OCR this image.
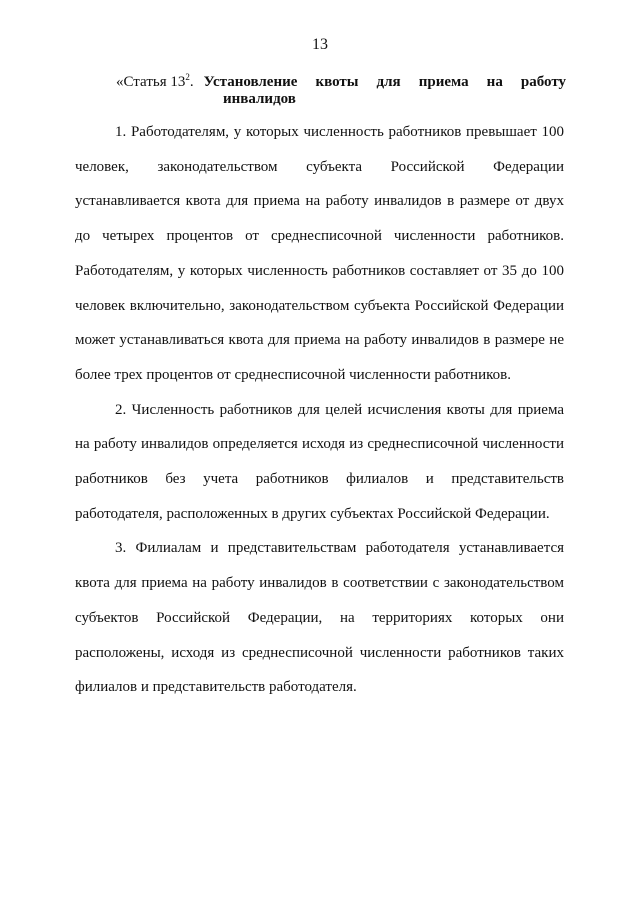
13
«Статья $13^2$. Установление квоты для приема на работу
инвалидов

1. Работодателям, у которых численность работников превышает 100 человек, законодательством субъекта Российской Федерации устанавливается квота для приема на работу инвалидов в размере от двух до четырех процентов от среднесписочной численности работников. Работодателям, у которых численность работников составляет от 35 до 100 человек включительно, законодательством субъекта Российской Федерации может устанавливаться квота для приема на работу инвалидов в размере не более трех процентов от среднесписочной численности работников.

2. Численность работников для целей исчисления квоты для приема на работу инвалидов определяется исходя из среднесписочной численности работников без учета работников филиалов и представительств работодателя, расположенных в других субъектах Российской Федерации.

3. Филиалам и представительствам работодателя устанавливается квота для приема на работу инвалидов в соответствии с законодательством субъектов Российской Федерации, на территориях которых они расположены, исходя из среднесписочной численности работников таких филиалов и представительств работодателя.
